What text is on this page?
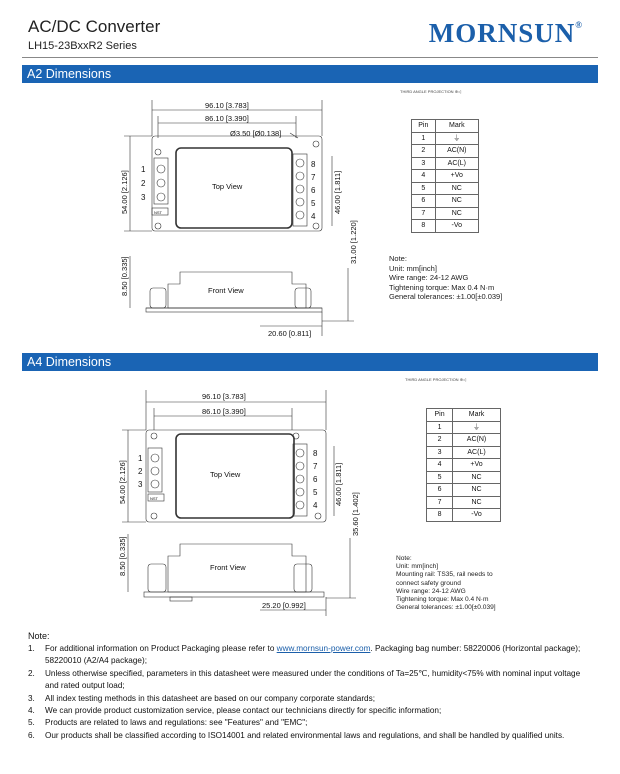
AC/DC Converter
LH15-23BxxR2 Series	MORNSUN®
A2 Dimensions
THIRD ANGLE PROJECTION ⊕◁
96.10 [3.783]
86.10 [3.390]
Ø3.50 [Ø0.138]
NST
1
2
3
8
7
6
5
4
Top View
54.00 [2.126]	46.00 [1.811]
31.00 [1.220]
Front View
8.50 [0.335]
20.60 [0.811]
Pin	Mark
1	⏚
2	AC(N)
3	AC(L)
4	+Vo
5	NC
6	NC
7	NC
8	-Vo
Note:
Unit: mm[inch]
Wire range: 24-12 AWG
Tightening torque: Max 0.4 N·m
General tolerances: ±1.00[±0.039]
A4 Dimensions
THIRD ANGLE PROJECTION ⊕◁
96.10 [3.783]
86.10 [3.390]
NST
1
2
3
8
7
6
5
4
Top View
54.00 [2.126]	46.00 [1.811]
35.60 [1.402]
Front View
8.50 [0.335]
25.20 [0.992]
Pin	Mark
1	⏚
2	AC(N)
3	AC(L)
4	+Vo
5	NC
6	NC
7	NC
8	-Vo
Note:
Unit: mm[inch]
Mounting rail: TS35, rail needs to
connect safety ground
Wire range: 24-12 AWG
Tightening torque: Max 0.4 N·m
General tolerances: ±1.00[±0.039]
Note:
1. For additional information on Product Packaging please refer to www.mornsun-power.com. Packaging bag number: 58220006 (Horizontal package); 58220010 (A2/A4 package);
2. Unless otherwise specified, parameters in this datasheet were measured under the conditions of Ta=25℃, humidity<75% with nominal input voltage and rated output load;
3. All index testing methods in this datasheet are based on our company corporate standards;
4. We can provide product customization service, please contact our technicians directly for specific information;
5. Products are related to laws and regulations: see "Features" and "EMC";
6. Our products shall be classified according to ISO14001 and related environmental laws and regulations, and shall be handled by qualified units.
